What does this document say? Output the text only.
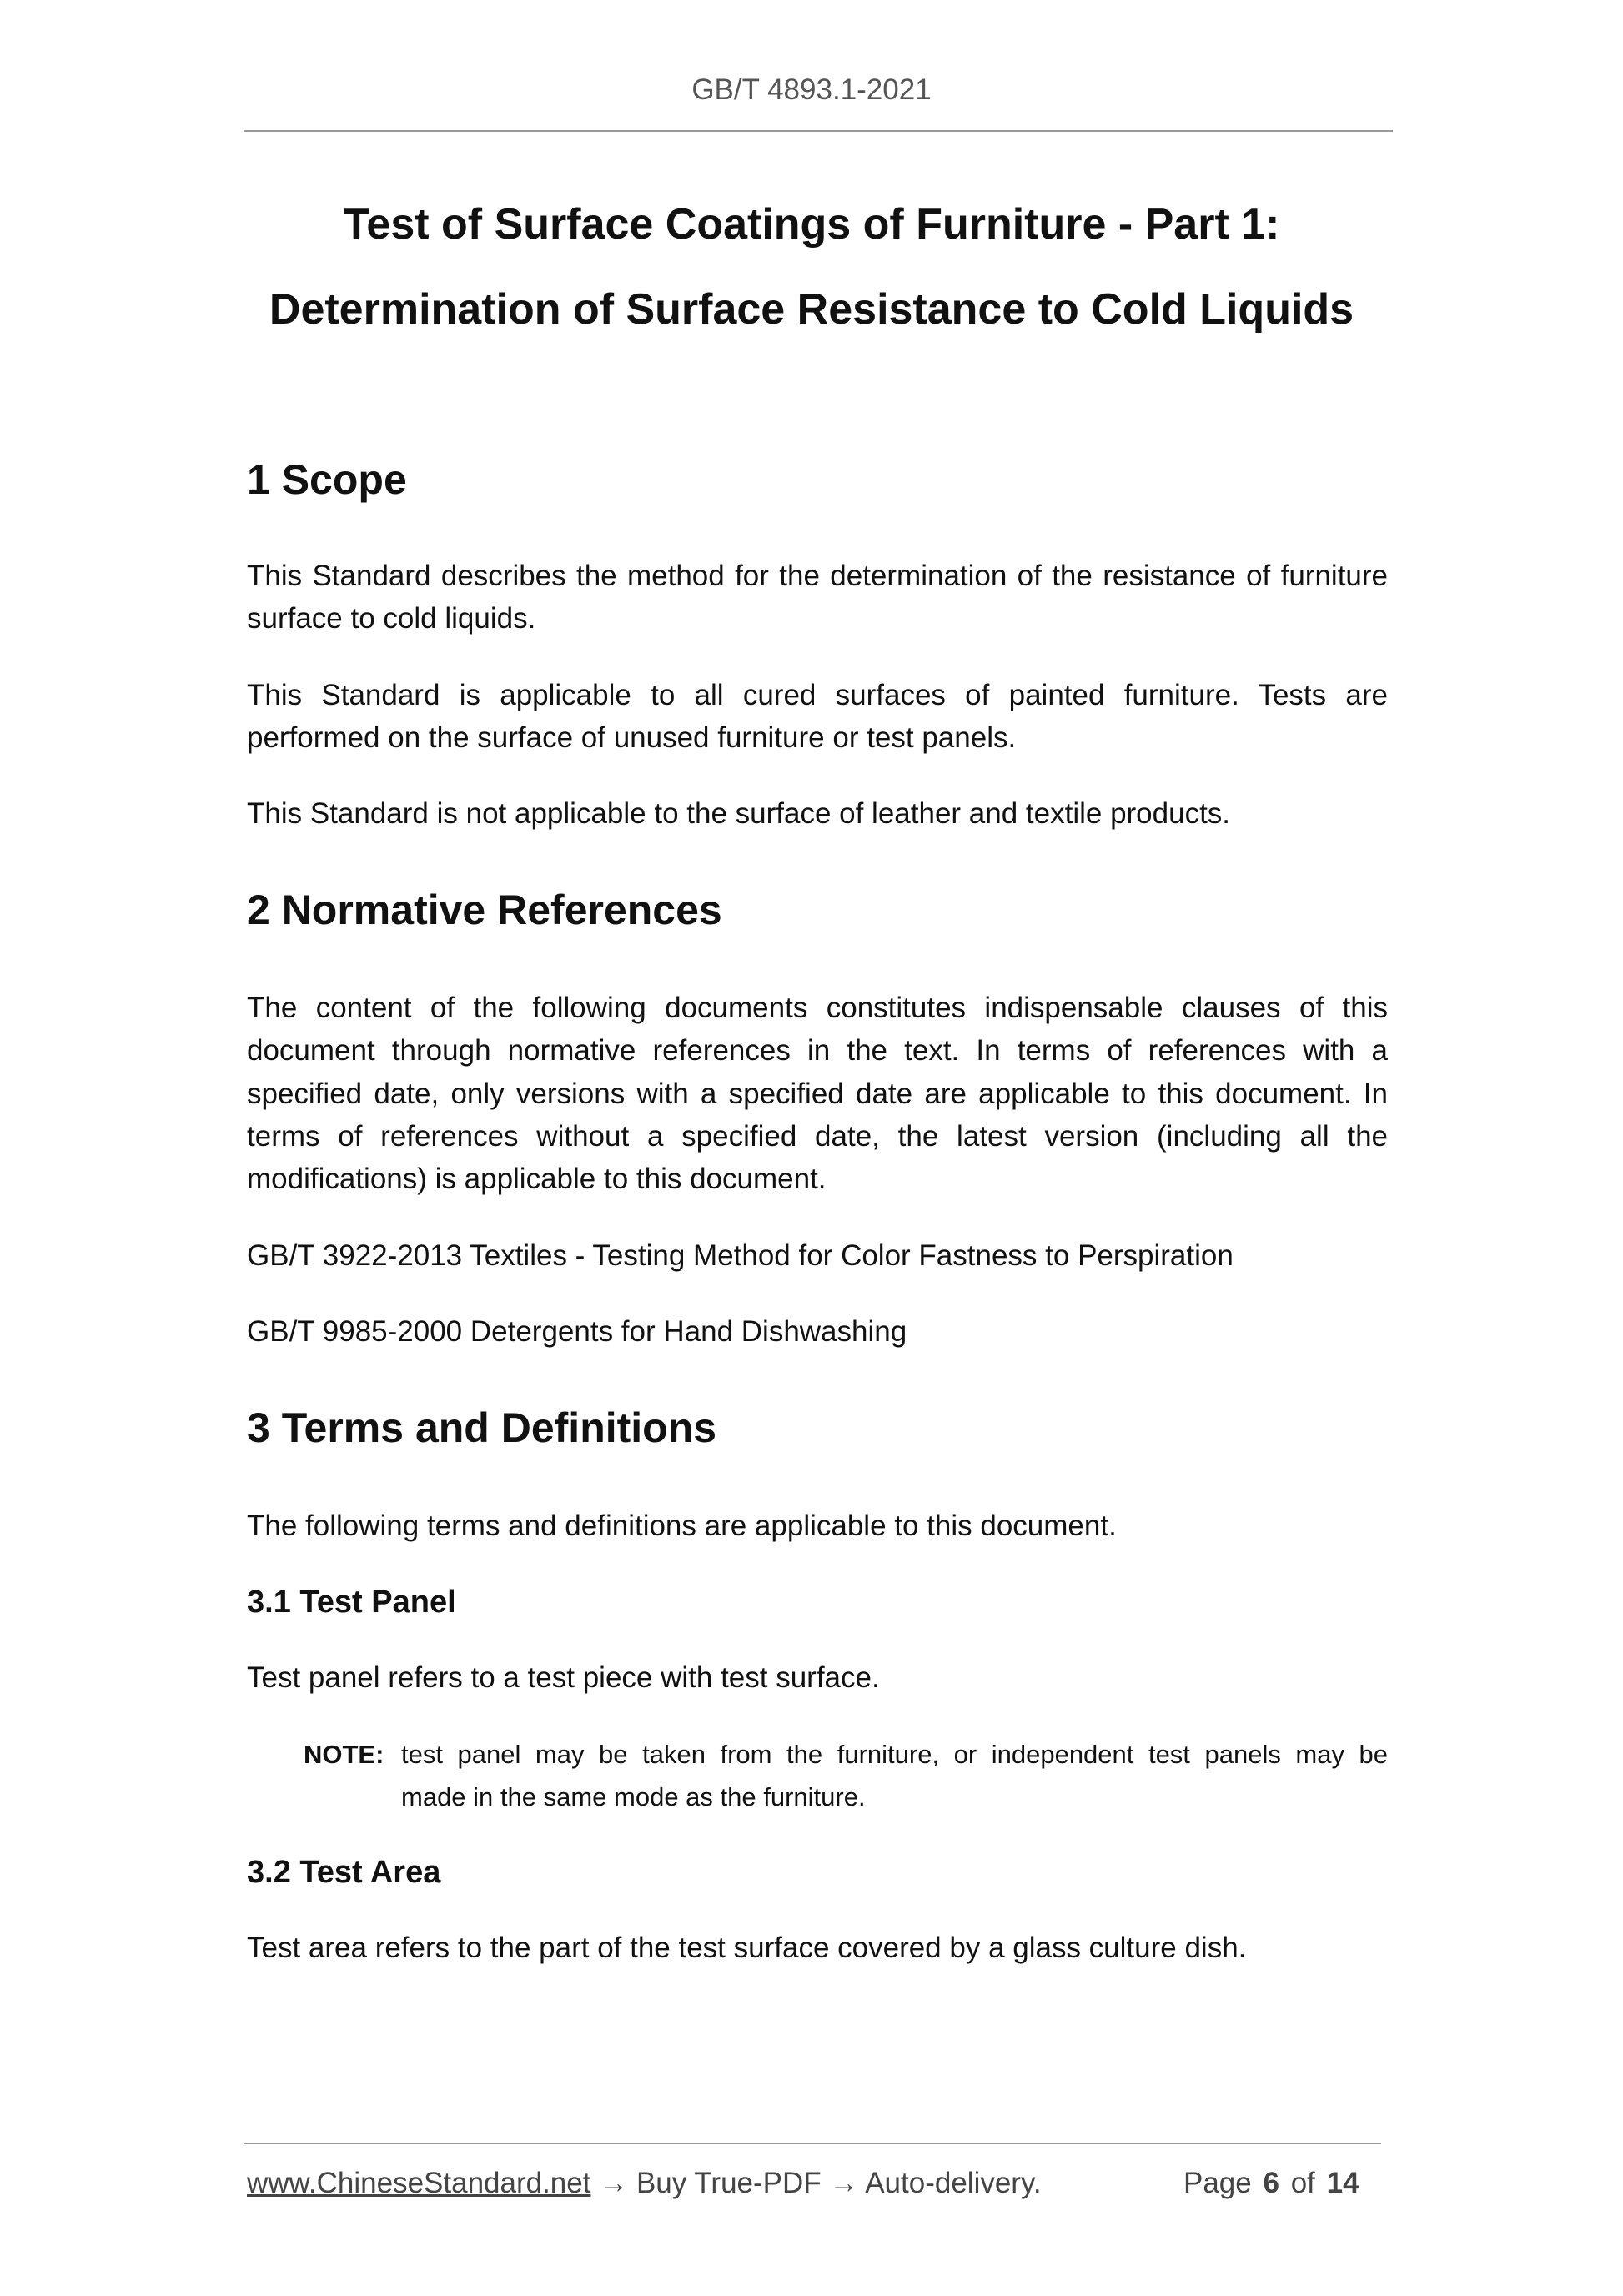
GB/T 4893.1-2021
Test of Surface Coatings of Furniture - Part 1:
Determination of Surface Resistance to Cold Liquids
1 Scope
This Standard describes the method for the determination of the resistance of furniture
surface to cold liquids.
This Standard is applicable to all cured surfaces of painted furniture. Tests are
performed on the surface of unused furniture or test panels.
This Standard is not applicable to the surface of leather and textile products.
2 Normative References
The content of the following documents constitutes indispensable clauses of this
document through normative references in the text. In terms of references with a
specified date, only versions with a specified date are applicable to this document. In
terms of references without a specified date, the latest version (including all the
modifications) is applicable to this document.
GB/T 3922-2013 Textiles - Testing Method for Color Fastness to Perspiration
GB/T 9985-2000 Detergents for Hand Dishwashing
3 Terms and Definitions
The following terms and definitions are applicable to this document.
3.1 Test Panel
Test panel refers to a test piece with test surface.
NOTE: test panel may be taken from the furniture, or independent test panels may be
made in the same mode as the furniture.
3.2 Test Area
Test area refers to the part of the test surface covered by a glass culture dish.
www.ChineseStandard.net → Buy True-PDF → Auto-delivery.	Page 6 of 14
